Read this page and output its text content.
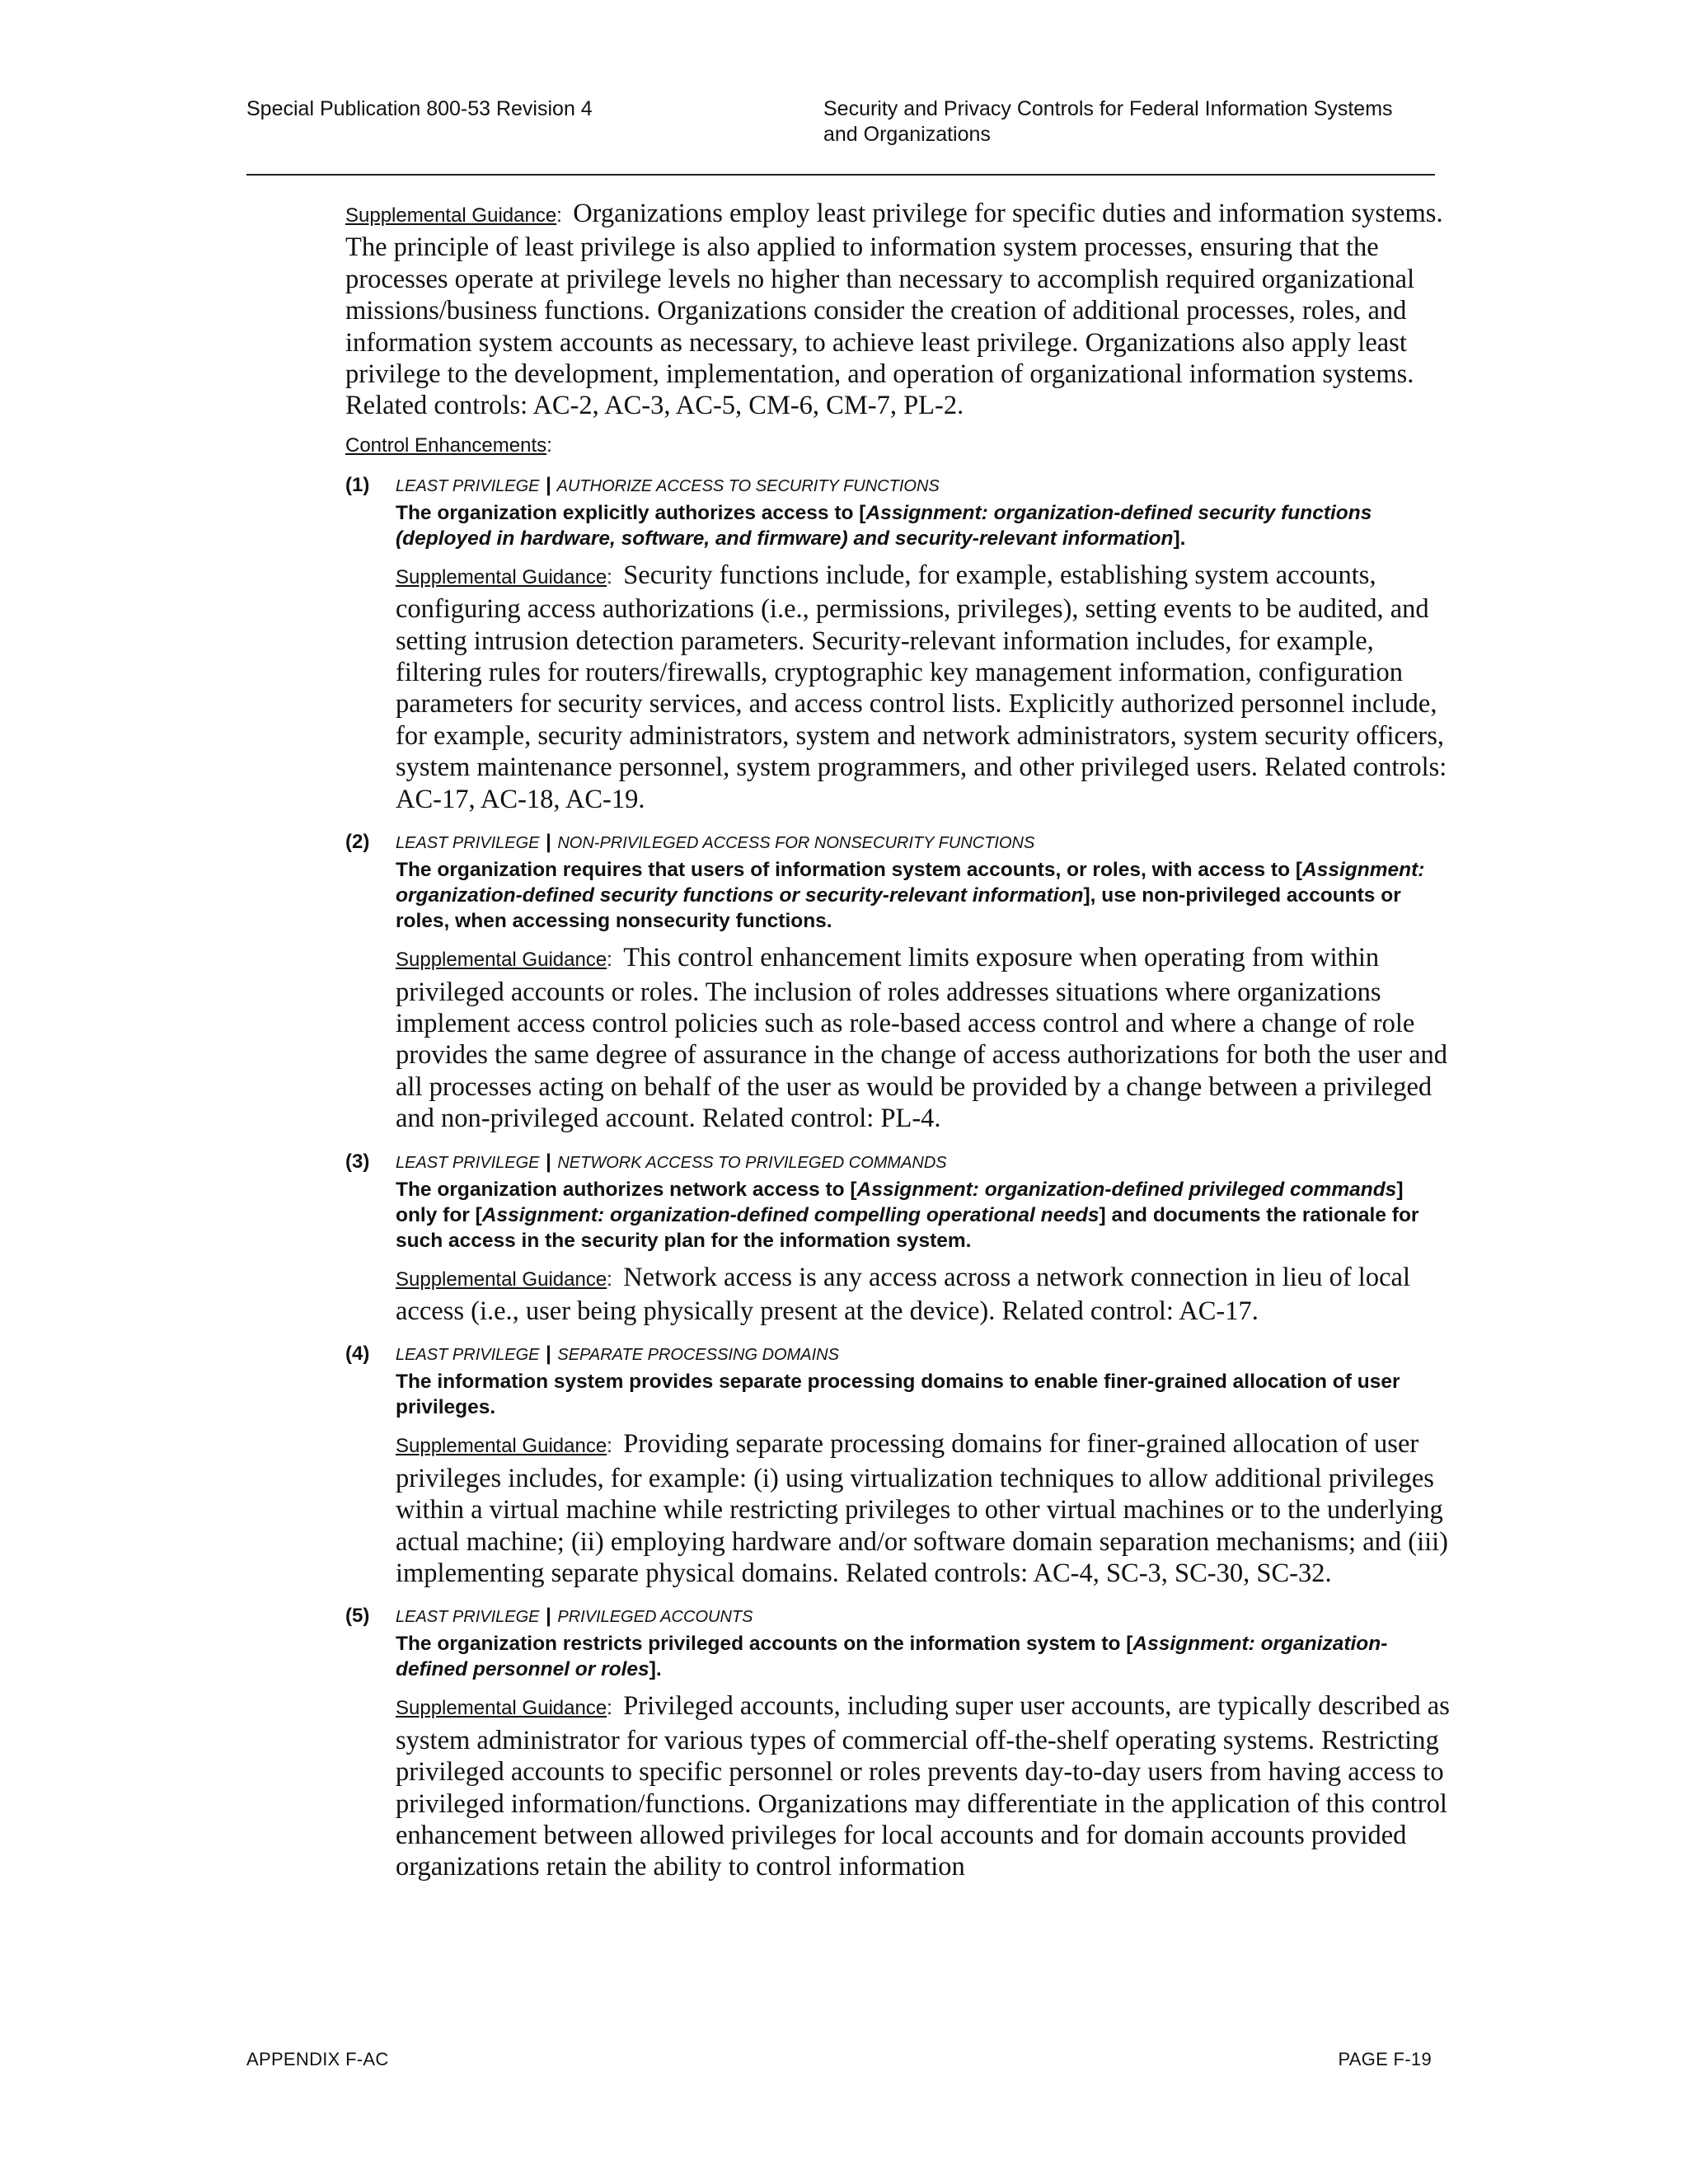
Special Publication 800-53 Revision 4	Security and Privacy Controls for Federal Information Systems
and Organizations

Supplemental Guidance:  Organizations employ least privilege for specific duties and information systems. The principle of least privilege is also applied to information system processes, ensuring that the processes operate at privilege levels no higher than necessary to accomplish required organizational missions/business functions. Organizations consider the creation of additional processes, roles, and information system accounts as necessary, to achieve least privilege. Organizations also apply least privilege to the development, implementation, and operation of organizational information systems. Related controls: AC-2, AC-3, AC-5, CM-6, CM-7, PL-2.

Control Enhancements:
(1) LEAST PRIVILEGE | AUTHORIZE ACCESS TO SECURITY FUNCTIONS

The organization explicitly authorizes access to [Assignment: organization-defined security functions (deployed in hardware, software, and firmware) and security-relevant information].

Supplemental Guidance:  Security functions include, for example, establishing system accounts, configuring access authorizations (i.e., permissions, privileges), setting events to be audited, and setting intrusion detection parameters. Security-relevant information includes, for example, filtering rules for routers/firewalls, cryptographic key management information, configuration parameters for security services, and access control lists. Explicitly authorized personnel include, for example, security administrators, system and network administrators, system security officers, system maintenance personnel, system programmers, and other privileged users. Related controls: AC-17, AC-18, AC-19.

(2) LEAST PRIVILEGE | NON-PRIVILEGED ACCESS FOR NONSECURITY FUNCTIONS

The organization requires that users of information system accounts, or roles, with access to [Assignment: organization-defined security functions or security-relevant information], use non-privileged accounts or roles, when accessing nonsecurity functions.

Supplemental Guidance:  This control enhancement limits exposure when operating from within privileged accounts or roles. The inclusion of roles addresses situations where organizations implement access control policies such as role-based access control and where a change of role provides the same degree of assurance in the change of access authorizations for both the user and all processes acting on behalf of the user as would be provided by a change between a privileged and non-privileged account. Related control: PL-4.

(3) LEAST PRIVILEGE | NETWORK ACCESS TO PRIVILEGED COMMANDS

The organization authorizes network access to [Assignment: organization-defined privileged commands] only for [Assignment: organization-defined compelling operational needs] and documents the rationale for such access in the security plan for the information system.

Supplemental Guidance:  Network access is any access across a network connection in lieu of local access (i.e., user being physically present at the device). Related control: AC-17.

(4) LEAST PRIVILEGE | SEPARATE PROCESSING DOMAINS

The information system provides separate processing domains to enable finer-grained allocation of user privileges.

Supplemental Guidance:  Providing separate processing domains for finer-grained allocation of user privileges includes, for example: (i) using virtualization techniques to allow additional privileges within a virtual machine while restricting privileges to other virtual machines or to the underlying actual machine; (ii) employing hardware and/or software domain separation mechanisms; and (iii) implementing separate physical domains. Related controls: AC-4, SC-3, SC-30, SC-32.

(5) LEAST PRIVILEGE | PRIVILEGED ACCOUNTS

The organization restricts privileged accounts on the information system to [Assignment: organization-defined personnel or roles].

Supplemental Guidance:  Privileged accounts, including super user accounts, are typically described as system administrator for various types of commercial off-the-shelf operating systems. Restricting privileged accounts to specific personnel or roles prevents day-to-day users from having access to privileged information/functions. Organizations may differentiate in the application of this control enhancement between allowed privileges for local accounts and for domain accounts provided organizations retain the ability to control information

APPENDIX F-AC	PAGE F-19
